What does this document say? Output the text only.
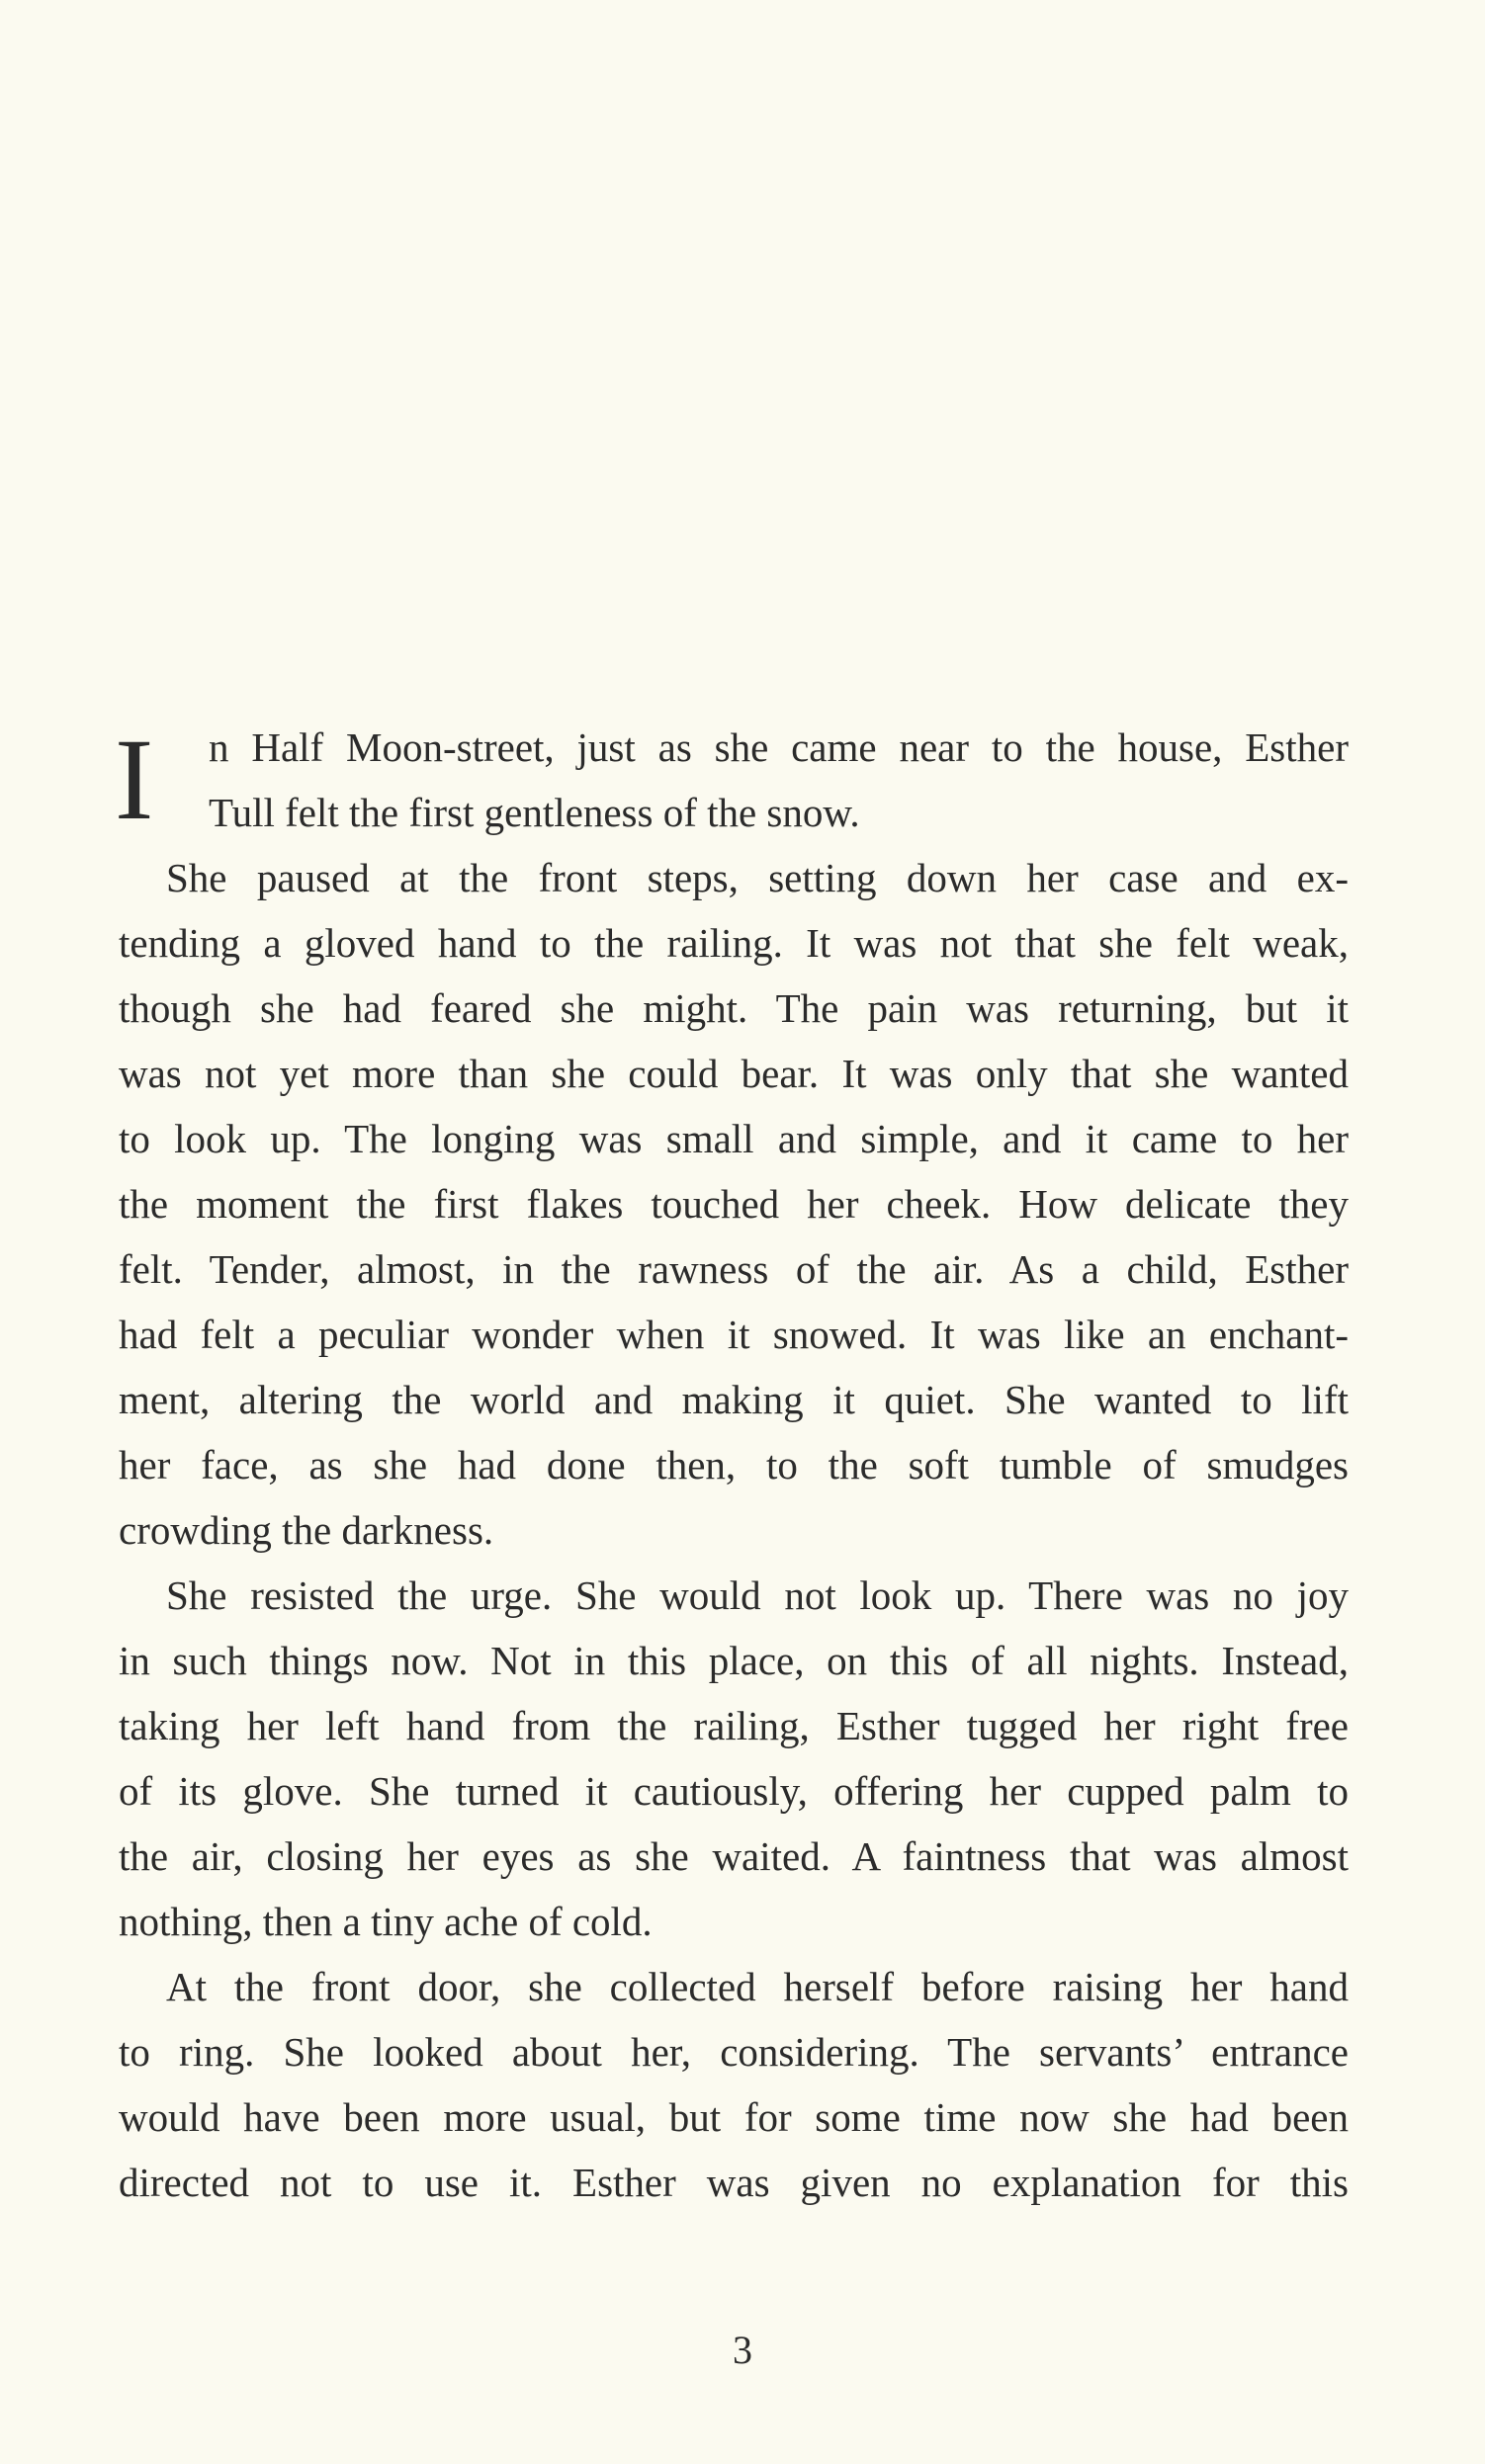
I n Half Moon-street, just as she came near to the house, Esther
Tull felt the first gentleness of the snow.
She paused at the front steps, setting down her case and ex-
tending a gloved hand to the railing. It was not that she felt weak,
though she had feared she might. The pain was returning, but it
was not yet more than she could bear. It was only that she wanted
to look up. The longing was small and simple, and it came to her
the moment the first flakes touched her cheek. How delicate they
felt. Tender, almost, in the rawness of the air. As a child, Esther
had felt a peculiar wonder when it snowed. It was like an enchant-
ment, altering the world and making it quiet. She wanted to lift
her face, as she had done then, to the soft tumble of smudges
crowding the darkness.
She resisted the urge. She would not look up. There was no joy
in such things now. Not in this place, on this of all nights. Instead,
taking her left hand from the railing, Esther tugged her right free
of its glove. She turned it cautiously, offering her cupped palm to
the air, closing her eyes as she waited. A faintness that was almost
nothing, then a tiny ache of cold.
At the front door, she collected herself before raising her hand
to ring. She looked about her, considering. The servants’ entrance
would have been more usual, but for some time now she had been
directed not to use it. Esther was given no explanation for this
3
